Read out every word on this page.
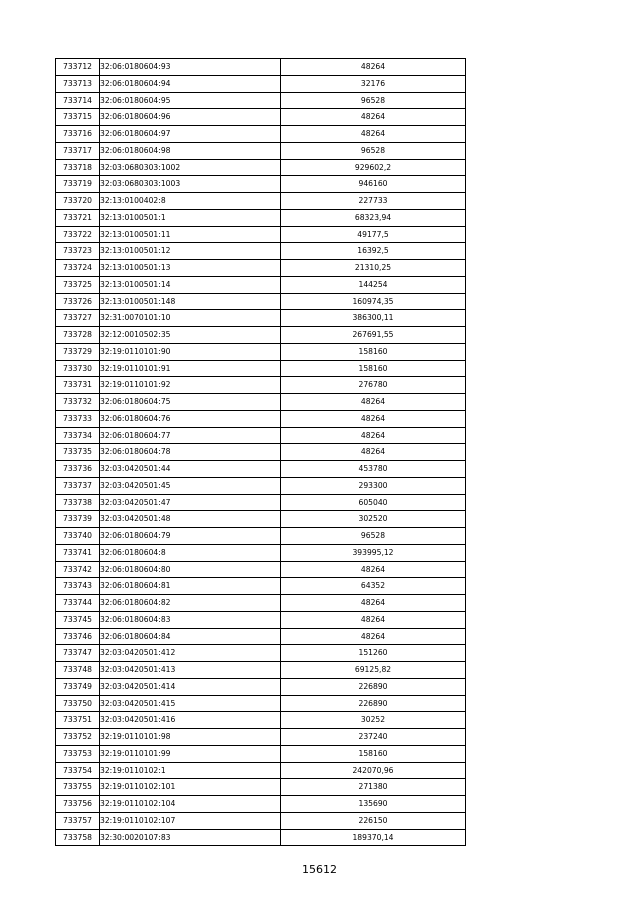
733712	32:06:0180604:93	48264
733713	32:06:0180604:94	32176
733714	32:06:0180604:95	96528
733715	32:06:0180604:96	48264
733716	32:06:0180604:97	48264
733717	32:06:0180604:98	96528
733718	32:03:0680303:1002	929602,2
733719	32:03:0680303:1003	946160
733720	32:13:0100402:8	227733
733721	32:13:0100501:1	68323,94
733722	32:13:0100501:11	49177,5
733723	32:13:0100501:12	16392,5
733724	32:13:0100501:13	21310,25
733725	32:13:0100501:14	144254
733726	32:13:0100501:148	160974,35
733727	32:31:0070101:10	386300,11
733728	32:12:0010502:35	267691,55
733729	32:19:0110101:90	158160
733730	32:19:0110101:91	158160
733731	32:19:0110101:92	276780
733732	32:06:0180604:75	48264
733733	32:06:0180604:76	48264
733734	32:06:0180604:77	48264
733735	32:06:0180604:78	48264
733736	32:03:0420501:44	453780
733737	32:03:0420501:45	293300
733738	32:03:0420501:47	605040
733739	32:03:0420501:48	302520
733740	32:06:0180604:79	96528
733741	32:06:0180604:8	393995,12
733742	32:06:0180604:80	48264
733743	32:06:0180604:81	64352
733744	32:06:0180604:82	48264
733745	32:06:0180604:83	48264
733746	32:06:0180604:84	48264
733747	32:03:0420501:412	151260
733748	32:03:0420501:413	69125,82
733749	32:03:0420501:414	226890
733750	32:03:0420501:415	226890
733751	32:03:0420501:416	30252
733752	32:19:0110101:98	237240
733753	32:19:0110101:99	158160
733754	32:19:0110102:1	242070,96
733755	32:19:0110102:101	271380
733756	32:19:0110102:104	135690
733757	32:19:0110102:107	226150
733758	32:30:0020107:83	189370,14
15612
